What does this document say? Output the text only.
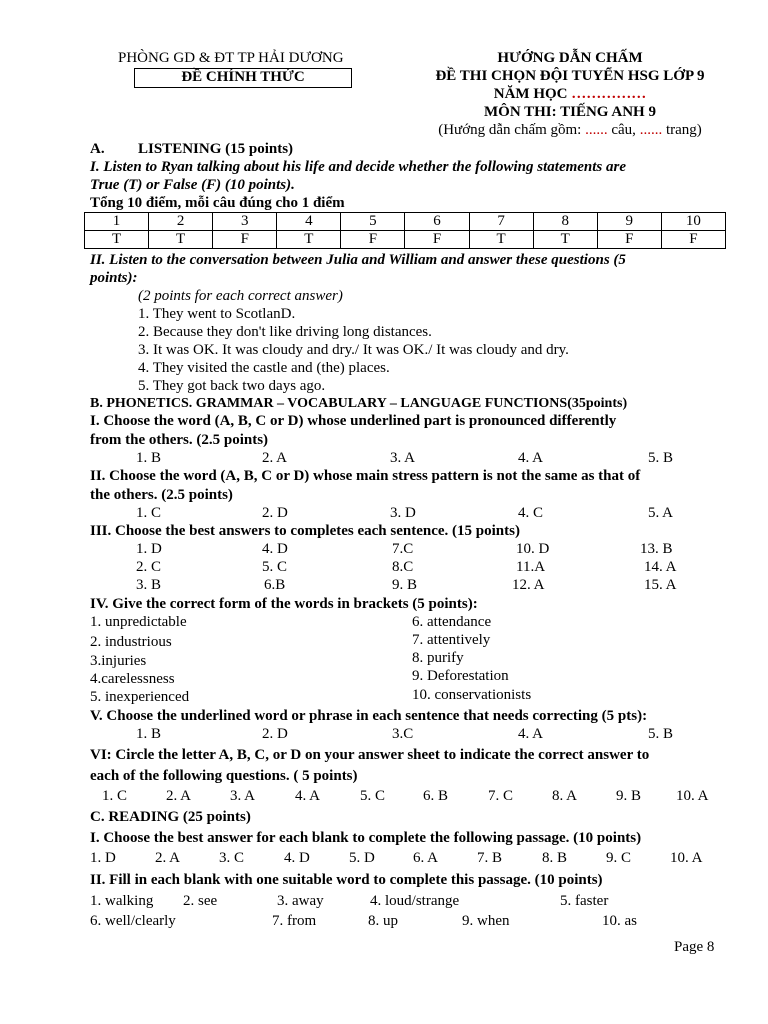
PHÒNG GD & ĐT TP HẢI DƯƠNG
ĐỀ CHÍNH THỨC
HƯỚNG DẪN CHẤM
ĐỀ THI CHỌN ĐỘI TUYỂN HSG LỚP 9
NĂM HỌC ……………
MÔN THI: TIẾNG ANH 9
(Hướng dẫn chấm gồm: ...... câu, ...... trang)
A. LISTENING (15 points)
I. Listen to Ryan talking about his life and decide whether the following statements are
True (T) or False (F) (10 points).
Tổng 10 điểm, mỗi câu đúng cho 1 điểm
1	2	3	4	5	6	7	8	9	10
T	T	F	T	F	F	T	T	F	F
II. Listen to the conversation between Julia and William and answer these questions (5
points):
(2 points for each correct answer)
1. They went to ScotlanD.
2. Because they don't like driving long distances.
3. It was OK. It was cloudy and dry./ It was OK./ It was cloudy and dry.
4. They visited the castle and (the) places.
5. They got back two days ago.
B. PHONETICS. GRAMMAR – VOCABULARY – LANGUAGE FUNCTIONS(35points)
I. Choose the word (A, B, C or D) whose underlined part is pronounced differently
from the others. (2.5 points)
1. B	2. A	3. A	4. A	5. B
II. Choose the word (A, B, C or D) whose main stress pattern is not the same as that of
the others. (2.5 points)
1. C	2. D	3. D	4. C	5. A
III. Choose the best answers to completes each sentence. (15 points)
1. D	4. D	7.C	10. D	13. B
2. C	5. C	8.C	11.A	14. A
3. B	6.B	9. B	12. A	15. A
IV. Give the correct form of the words in brackets (5 points):
1. unpredictable
2. industrious
3.injuries
4.carelessness
5. inexperienced
6. attendance
7. attentively
8. purify
9. Deforestation
10. conservationists
V. Choose the underlined word or phrase in each sentence that needs correcting (5 pts):
1. B	2. D	3.C	4. A	5. B
VI: Circle the letter A, B, C, or D on your answer sheet to indicate the correct answer to
each of the following questions. ( 5 points)
1. C	2. A	3. A	4. A	5. C	6. B	7. C	8. A	9. B 10. A
C. READING (25 points)
I. Choose the best answer for each blank to complete the following passage. (10 points)
1. D	2. A	3. C	4. D	5. D	6. A	7. B	8. B	9. C	10. A
II. Fill in each blank with one suitable word to complete this passage. (10 points)
1. walking 2. see	3. away	4. loud/strange	5. faster
6. well/clearly	7. from	8. up	9. when	10. as
Page 8
